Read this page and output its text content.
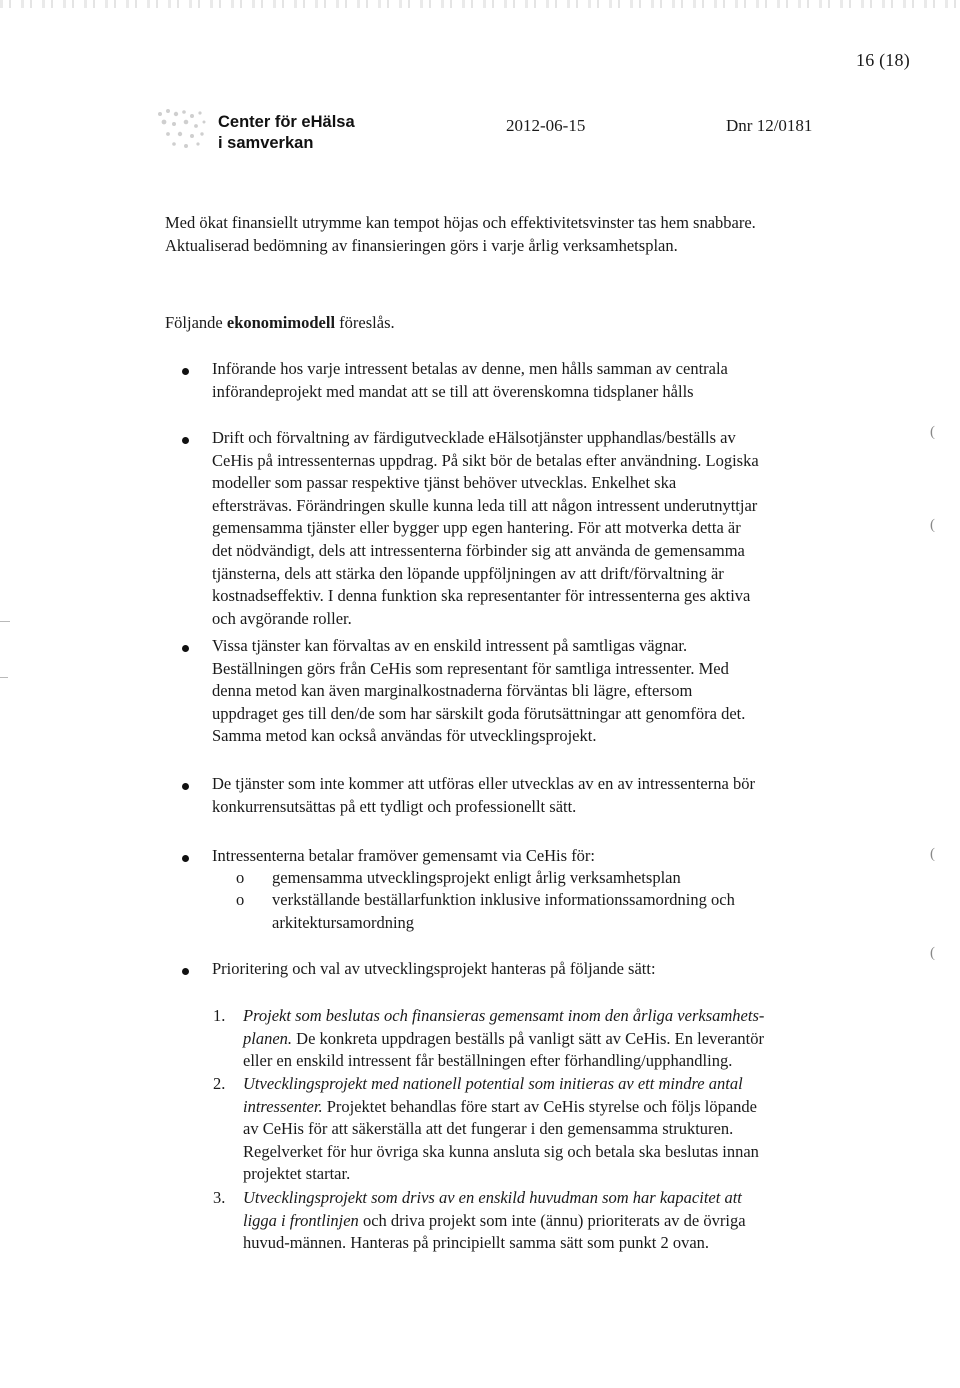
16 (18)
Center för eHälsa
i samverkan
2012-06-15	Dnr 12/0181
Med ökat finansiellt utrymme kan tempot höjas och effektivitetsvinster tas hem snabbare.
Aktualiserad bedömning av finansieringen görs i varje årlig verksamhetsplan.
Följande ekonomimodell föreslås.
Införande hos varje intressent betalas av denne, men hålls samman av centrala
införandeprojekt med mandat att se till att överenskomna tidsplaner hålls
Drift och förvaltning av färdigutvecklade eHälsotjänster upphandlas/beställs av
CeHis på intressenternas uppdrag. På sikt bör de betalas efter användning. Logiska
modeller som passar respektive tjänst behöver utvecklas. Enkelhet ska
eftersträvas. Förändringen skulle kunna leda till att någon intressent underutnyttjar
gemensamma tjänster eller bygger upp egen hantering. För att motverka detta är
det nödvändigt, dels att intressenterna förbinder sig att använda de gemensamma
tjänsterna, dels att stärka den löpande uppföljningen av att drift/förvaltning är
kostnadseffektiv. I denna funktion ska representanter för intressenterna ges aktiva
och avgörande roller.
Vissa tjänster kan förvaltas av en enskild intressent på samtligas vägnar.
Beställningen görs från CeHis som representant för samtliga intressenter. Med
denna metod kan även marginalkostnaderna förväntas bli lägre, eftersom
uppdraget ges till den/de som har särskilt goda förutsättningar att genomföra det.
Samma metod kan också användas för utvecklingsprojekt.
De tjänster som inte kommer att utföras eller utvecklas av en av intressenterna bör
konkurrensutsättas på ett tydligt och professionellt sätt.
Intressenterna betalar framöver gemensamt via CeHis för:
o gemensamma utvecklingsprojekt enligt årlig verksamhetsplan
o verkställande beställarfunktion inklusive informationssamordning och
arkitektursamordning
Prioritering och val av utvecklingsprojekt hanteras på följande sätt:
1. Projekt som beslutas och finansieras gemensamt inom den årliga verksamhets-
planen. De konkreta uppdragen beställs på vanligt sätt av CeHis. En leverantör
eller en enskild intressent får beställningen efter förhandling/upphandling.
2. Utvecklingsprojekt med nationell potential som initieras av ett mindre antal
intressenter. Projektet behandlas före start av CeHis styrelse och följs löpande
av CeHis för att säkerställa att det fungerar i den gemensamma strukturen.
Regelverket för hur övriga ska kunna ansluta sig och betala ska beslutas innan
projektet startar.
3. Utvecklingsprojekt som drivs av en enskild huvudman som har kapacitet att
ligga i frontlinjen och driva projekt som inte (ännu) prioriterats av de övriga
huvud-männen. Hanteras på principiellt samma sätt som punkt 2 ovan.
(
(
(
(
